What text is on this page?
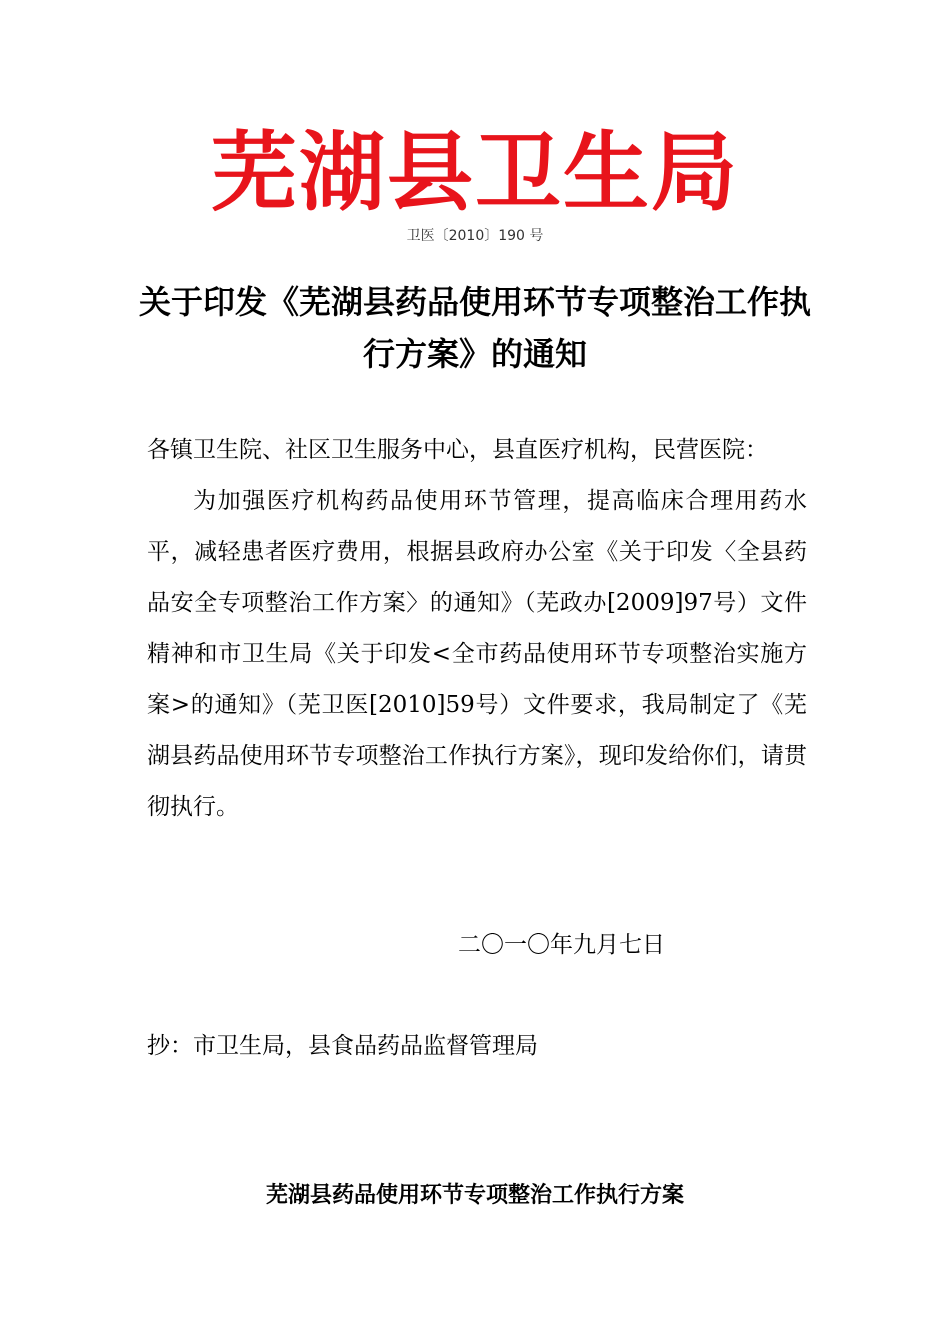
芜湖县卫生局
卫医〔2010〕190 号
关于印发《芜湖县药品使用环节专项整治工作执行方案》的通知
各镇卫生院、社区卫生服务中心，县直医疗机构，民营医院：
为加强医疗机构药品使用环节管理，提高临床合理用药水平，减轻患者医疗费用，根据县政府办公室《关于印发〈全县药品安全专项整治工作方案〉的通知》（芜政办[2009]97号）文件精神和市卫生局《关于印发<全市药品使用环节专项整治实施方案>的通知》（芜卫医[2010]59号）文件要求，我局制定了《芜湖县药品使用环节专项整治工作执行方案》，现印发给你们，请贯彻执行。
二〇一〇年九月七日
抄：市卫生局，县食品药品监督管理局
芜湖县药品使用环节专项整治工作执行方案
